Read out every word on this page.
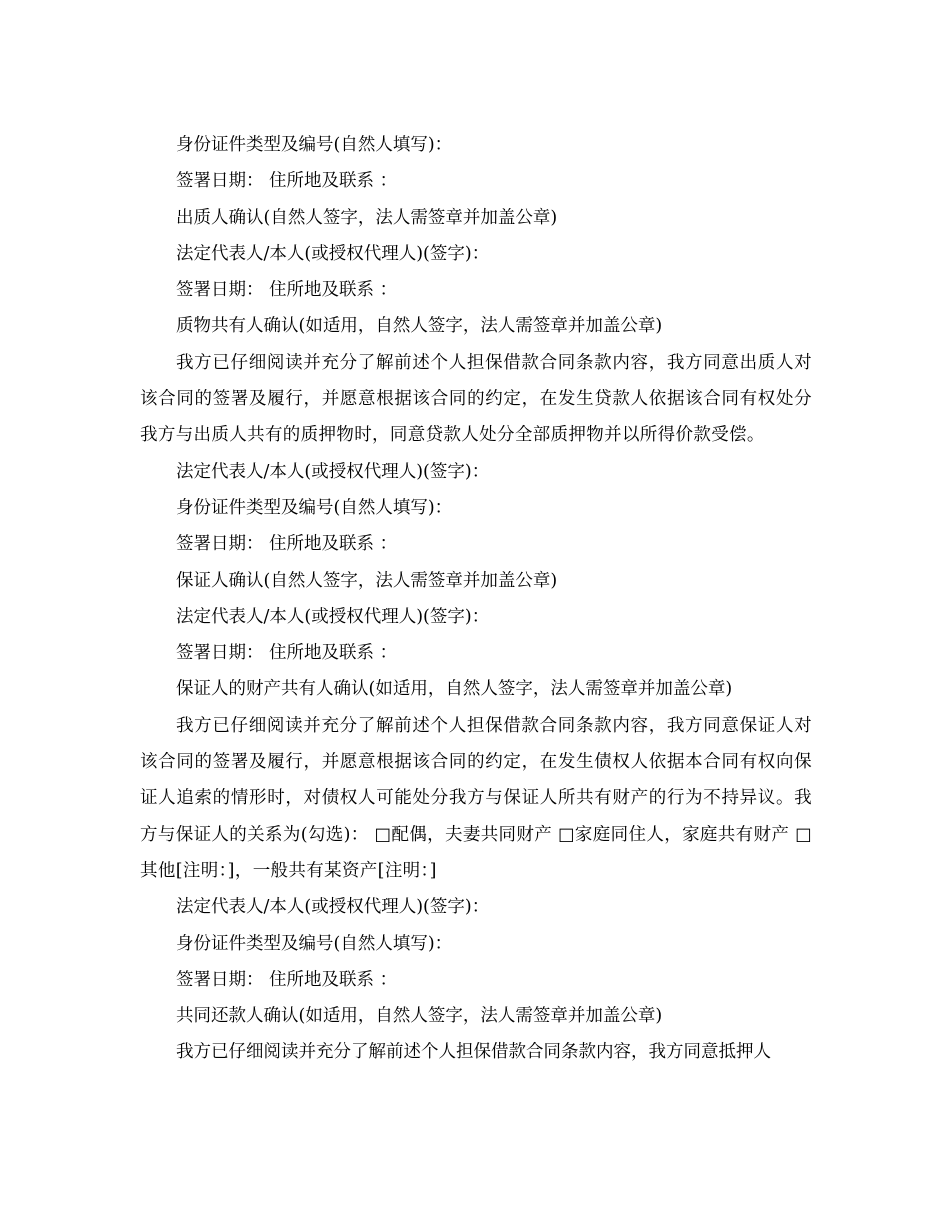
身份证件类型及编号(自然人填写)：

签署日期： 住所地及联系 ：

出质人确认(自然人签字，法人需签章并加盖公章)

法定代表人/本人(或授权代理人)(签字)：

签署日期： 住所地及联系 ：

质物共有人确认(如适用，自然人签字，法人需签章并加盖公章)

我方已仔细阅读并充分了解前述个人担保借款合同条款内容，我方同意出质人对该合同的签署及履行，并愿意根据该合同的约定，在发生贷款人依据该合同有权处分我方与出质人共有的质押物时，同意贷款人处分全部质押物并以所得价款受偿。

法定代表人/本人(或授权代理人)(签字)：

身份证件类型及编号(自然人填写)：

签署日期： 住所地及联系 ：

保证人确认(自然人签字，法人需签章并加盖公章)

法定代表人/本人(或授权代理人)(签字)：

签署日期： 住所地及联系 ：

保证人的财产共有人确认(如适用，自然人签字，法人需签章并加盖公章)

我方已仔细阅读并充分了解前述个人担保借款合同条款内容，我方同意保证人对该合同的签署及履行，并愿意根据该合同的约定，在发生债权人依据本合同有权向保证人追索的情形时，对债权人可能处分我方与保证人所共有财产的行为不持异议。我方与保证人的关系为(勾选)： □配偶，夫妻共同财产 □家庭同住人，家庭共有财产 □其他[注明：]，一般共有某资产[注明：]

法定代表人/本人(或授权代理人)(签字)：

身份证件类型及编号(自然人填写)：

签署日期： 住所地及联系 ：

共同还款人确认(如适用，自然人签字，法人需签章并加盖公章)

我方已仔细阅读并充分了解前述个人担保借款合同条款内容，我方同意抵押人
